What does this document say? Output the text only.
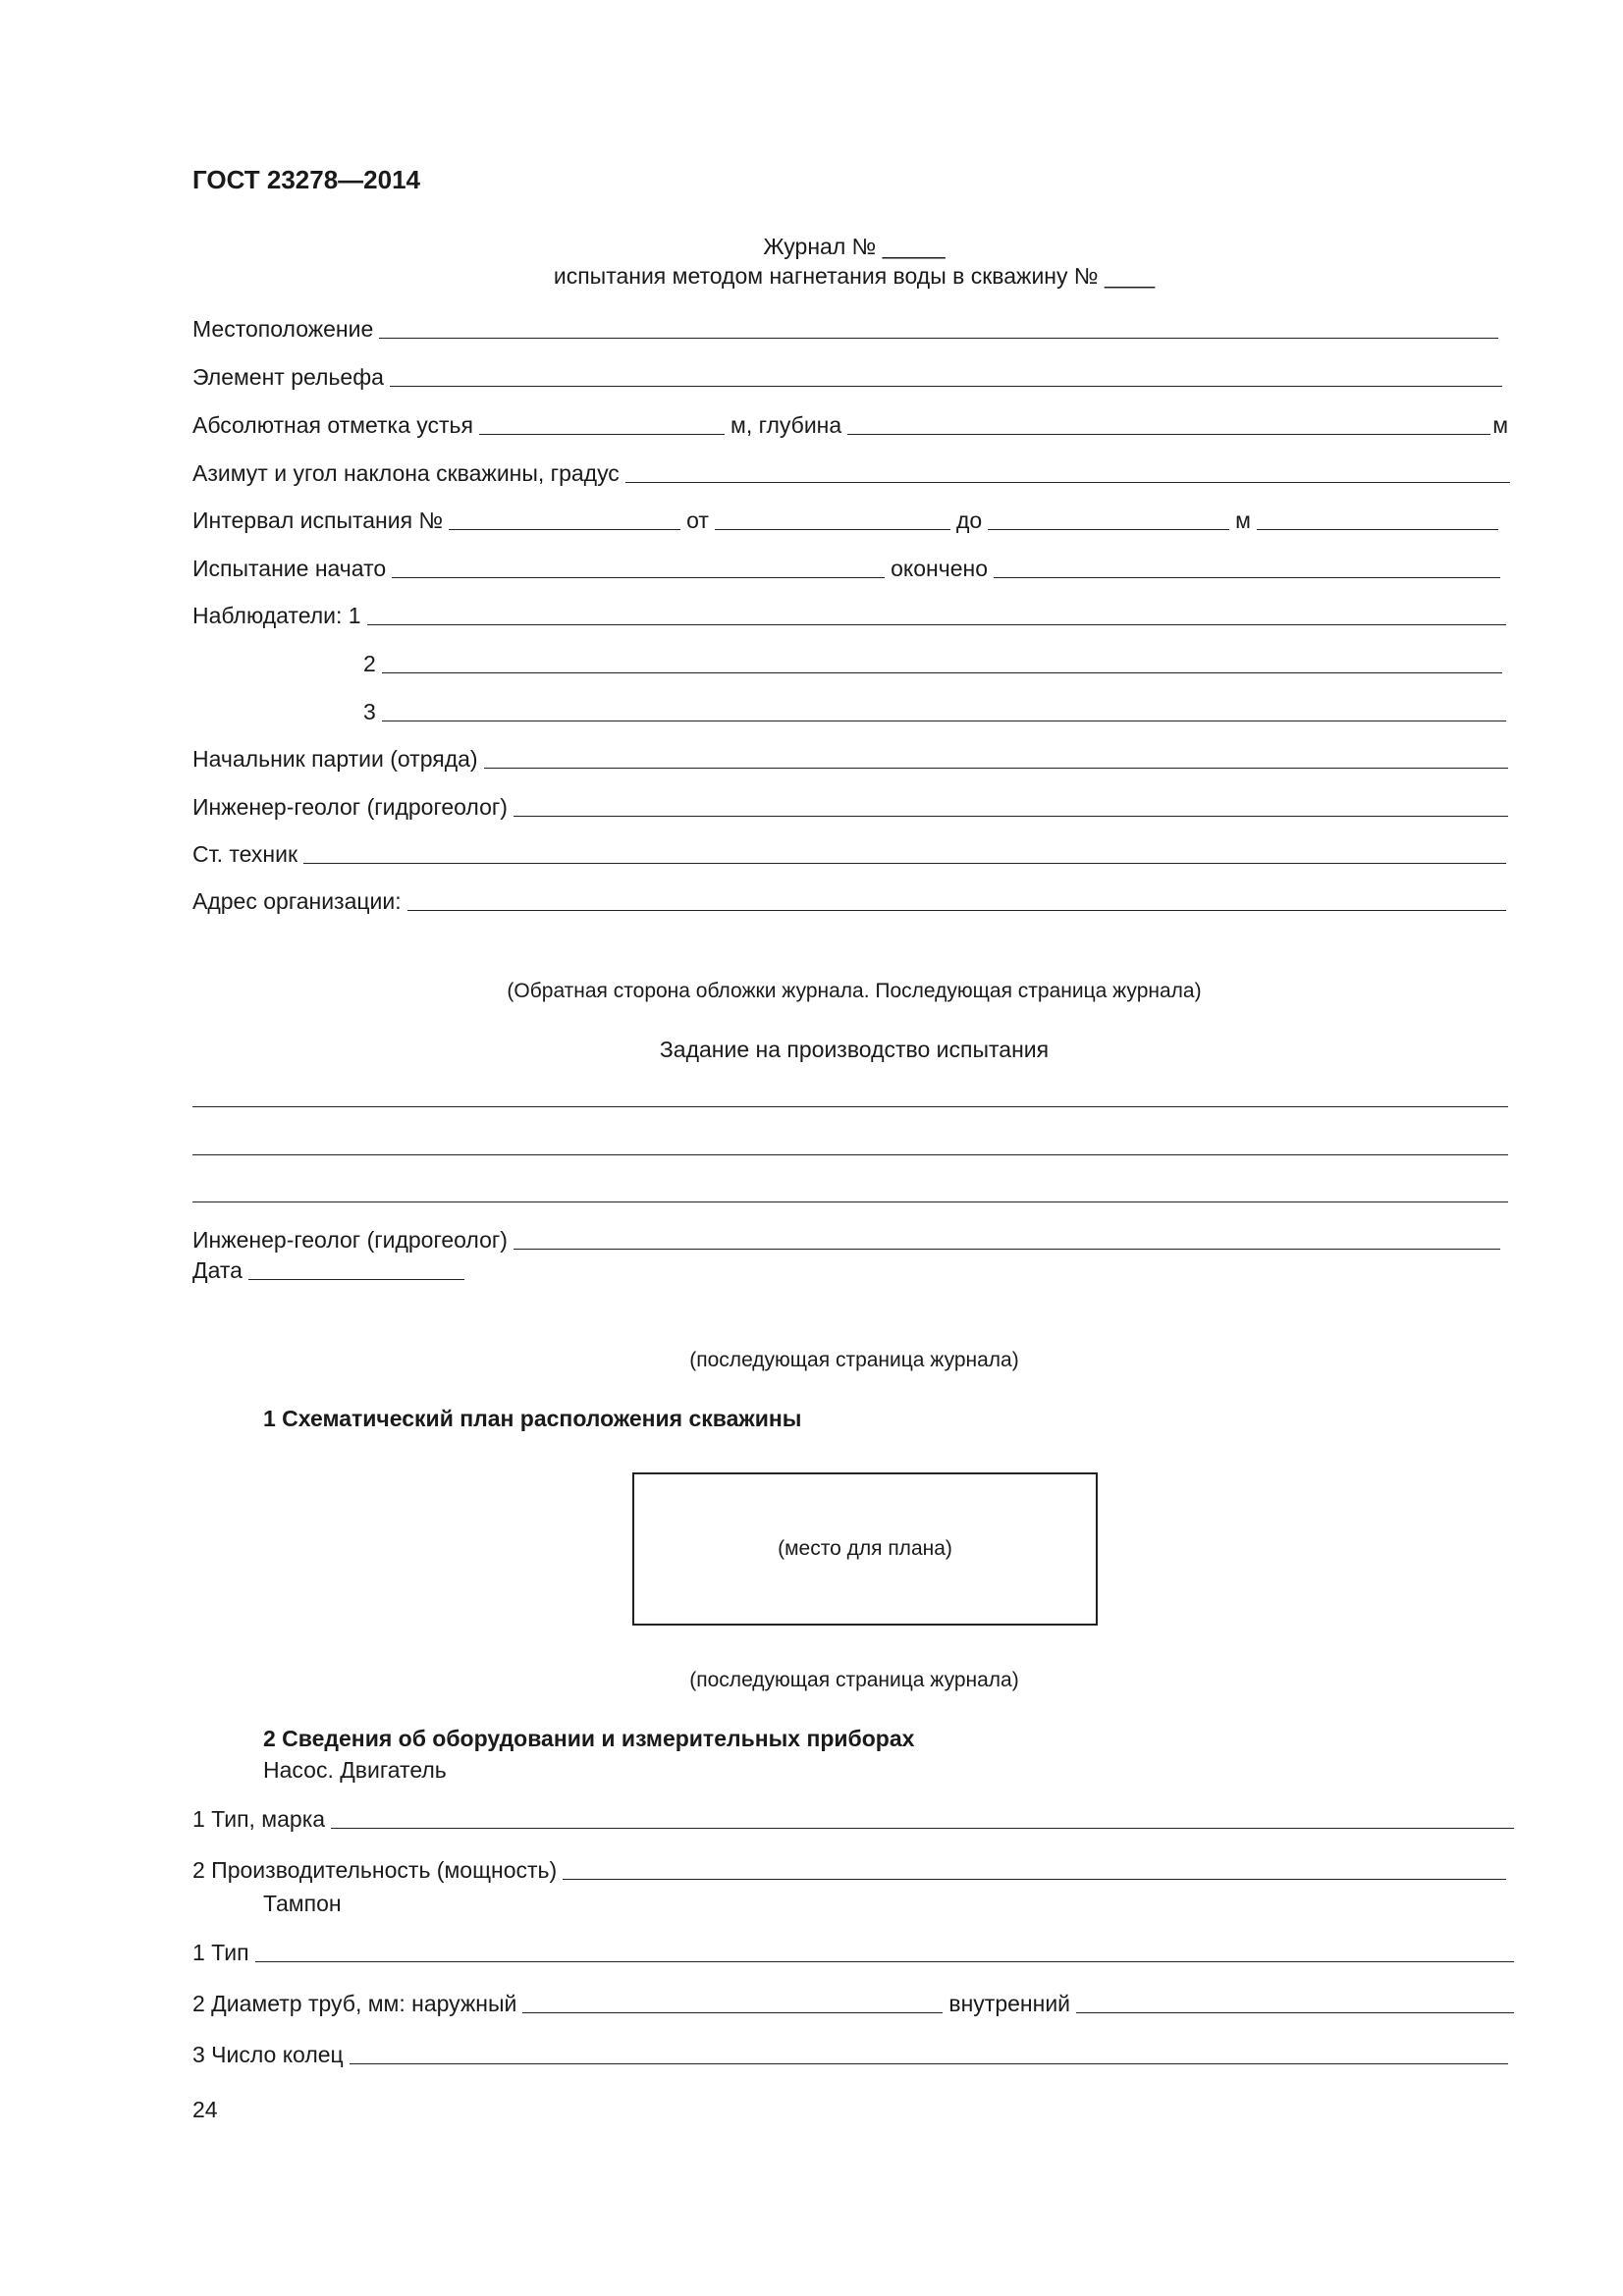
ГОСТ 23278—2014
Журнал № _____
испытания методом нагнетания воды в скважину № ____
Местоположение
Элемент рельефа
Абсолютная отметка устья	м, глубина	м
Азимут и угол наклона скважины, градус
Интервал испытания №	от	до	м
Испытание начато	окончено
Наблюдатели: 1
2
3
Начальник партии (отряда)
Инженер-геолог (гидрогеолог)
Ст. техник
Адрес организации:
(Обратная сторона обложки журнала. Последующая страница журнала)
Задание на производство испытания
Инженер-геолог (гидрогеолог)
Дата
(последующая страница журнала)
1 Схематический план расположения скважины
(место для плана)
(последующая страница журнала)
2 Сведения об оборудовании и измерительных приборах
Насос. Двигатель
1 Тип, марка
2 Производительность (мощность)
Тампон
1 Тип
2 Диаметр труб, мм: наружный	внутренний
3 Число колец
24
